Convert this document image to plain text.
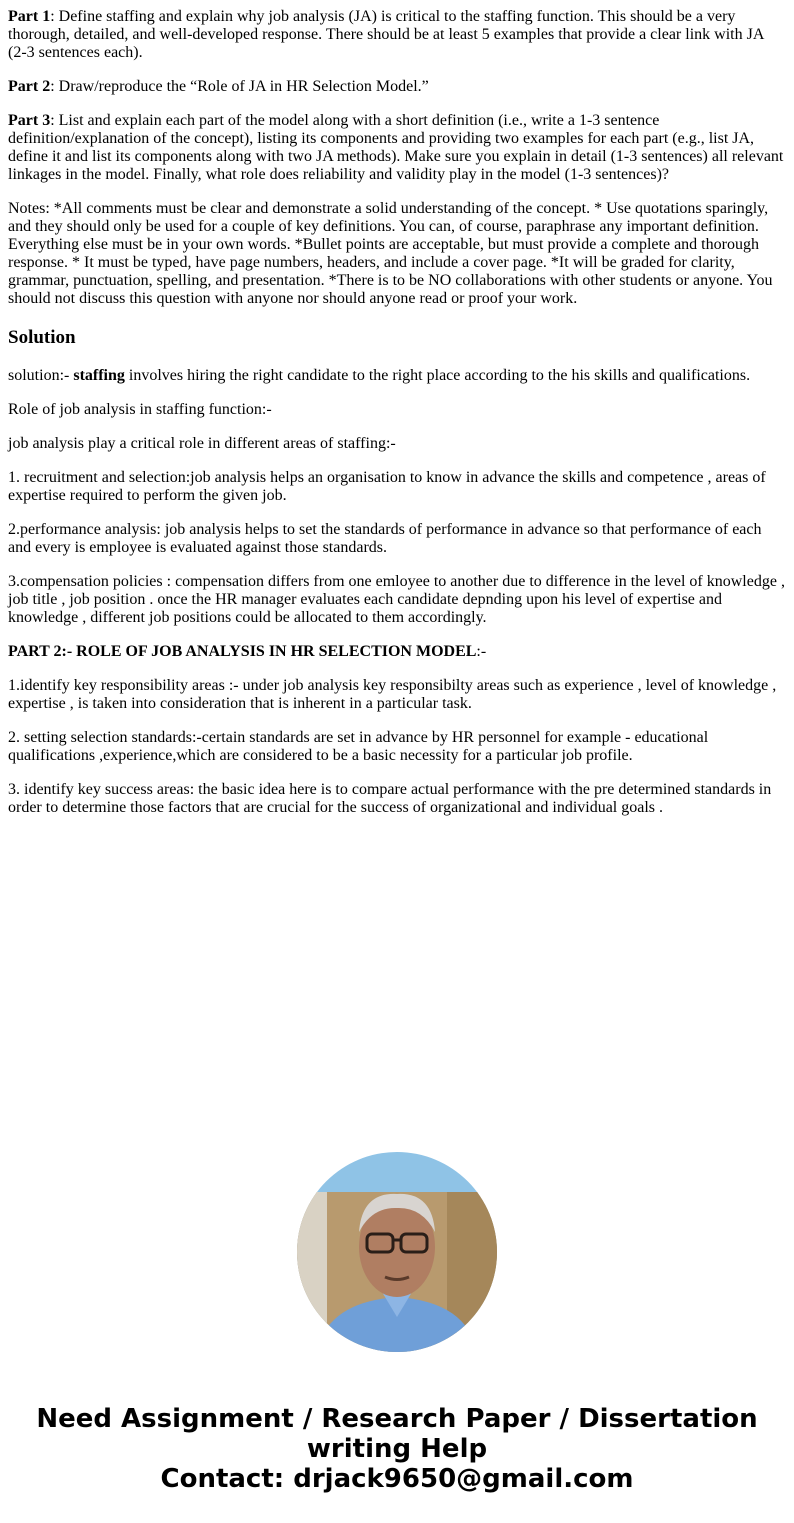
Part 1: Define staffing and explain why job analysis (JA) is critical to the staffing function. This should be a very thorough, detailed, and well-developed response. There should be at least 5 examples that provide a clear link with JA (2-3 sentences each).

Part 2: Draw/reproduce the “Role of JA in HR Selection Model.”

Part 3: List and explain each part of the model along with a short definition (i.e., write a 1-3 sentence definition/explanation of the concept), listing its components and providing two examples for each part (e.g., list JA, define it and list its components along with two JA methods). Make sure you explain in detail (1-3 sentences) all relevant linkages in the model. Finally, what role does reliability and validity play in the model (1-3 sentences)?

Notes: *All comments must be clear and demonstrate a solid understanding of the concept. * Use quotations sparingly, and they should only be used for a couple of key definitions. You can, of course, paraphrase any important definition. Everything else must be in your own words. *Bullet points are acceptable, but must provide a complete and thorough response. * It must be typed, have page numbers, headers, and include a cover page. *It will be graded for clarity, grammar, punctuation, spelling, and presentation. *There is to be NO collaborations with other students or anyone. You should not discuss this question with anyone nor should anyone read or proof your work.

Solution

solution:- staffing involves hiring the right candidate to the right place according to the his skills and qualifications.

Role of job analysis in staffing function:-

job analysis play a critical role in different areas of staffing:-

1. recruitment and selection:job analysis helps an organisation to know in advance the skills and competence , areas of expertise required to perform the given job.

2.performance analysis: job analysis helps to set the standards of performance in advance so that performance of each and every is employee is evaluated against those standards.

3.compensation policies : compensation differs from one emloyee to another due to difference in the level of knowledge , job title , job position . once the HR manager evaluates each candidate depnding upon his level of expertise and knowledge , different job positions could be allocated to them accordingly.

PART 2:- ROLE OF JOB ANALYSIS IN HR SELECTION MODEL:-

1.identify key responsibility areas :- under job analysis key responsibilty areas such as experience , level of knowledge , expertise , is taken into consideration that is inherent in a particular task.

2. setting selection standards:-certain standards are set in advance by HR personnel for example - educational qualifications ,experience,which are considered to be a basic necessity for a particular job profile.

3. identify key success areas: the basic idea here is to compare actual performance with the pre determined standards in order to determine those factors that are crucial for the success of organizational and individual goals .

Need Assignment / Research Paper / Dissertation
writing Help
Contact: drjack9650@gmail.com
